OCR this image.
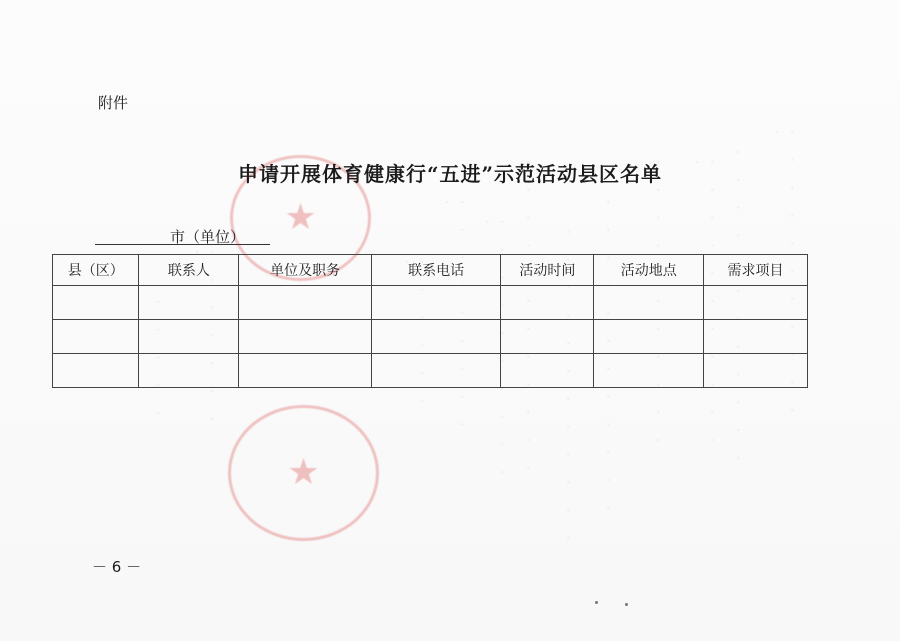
·　·　·　·　·　·　·　·　·　·　·　·
·　·　·　·　·　·　·　·　·　·　·　·
·　·　·　·　·　·　·　·　·　·　·　·
·　·　·　·　·　·　·　·　·　·　·
·　·　·　·　·　·　·　·　·　·　·　·
·　·　·　·　·　·　·　·　·　·　·　·
·　·　·　·　·　·　·　·　·　·　·　·
·　·　·　·　·　·　·　·　·　·　·
·　·　·　·　·　·　·　·　·　·
·　·　·　·　·　·　·
·　·　·　·　·　·　·　·
·　·　·　·　·
★
★
附件
申请开展体育健康行“五进”示范活动县区名单
市（单位）
县（区）	联系人	单位及职务	联系电话	活动时间	活动地点	需求项目

－ 6 －
